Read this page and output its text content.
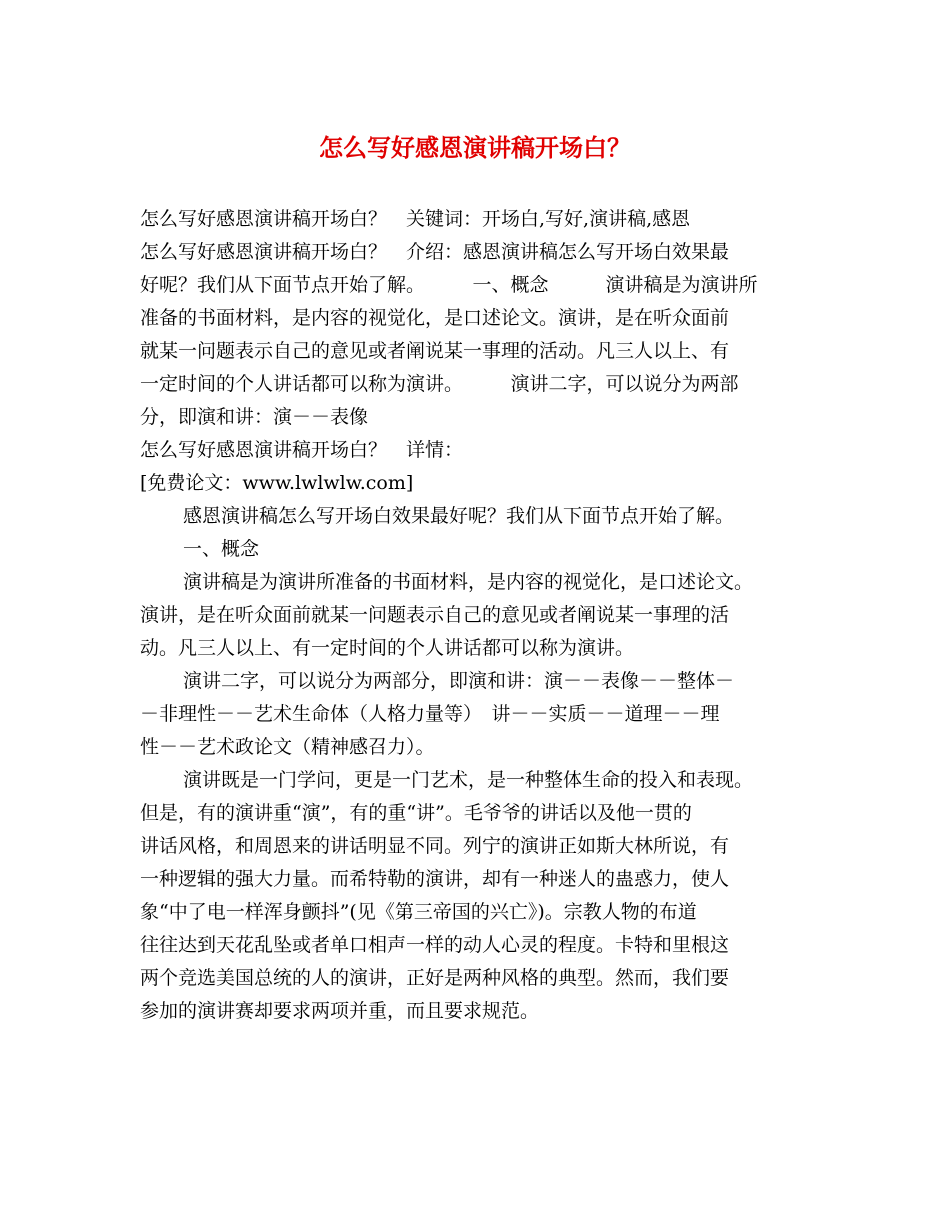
怎么写好感恩演讲稿开场白？

怎么写好感恩演讲稿开场白？　关键词：开场白,写好,演讲稿,感恩

怎么写好感恩演讲稿开场白？　介绍：感恩演讲稿怎么写开场白效果最

好呢？我们从下面节点开始了解。　　　一、概念　　　演讲稿是为演讲所

准备的书面材料，是内容的视觉化，是口述论文。演讲，是在听众面前

就某一问题表示自己的意见或者阐说某一事理的活动。凡三人以上、有

一定时间的个人讲话都可以称为演讲。　　　演讲二字，可以说分为两部

分，即演和讲：演－－表像

怎么写好感恩演讲稿开场白？　详情：

[免费论文：www.lwlwlw.com]

感恩演讲稿怎么写开场白效果最好呢？我们从下面节点开始了解。

一、概念

演讲稿是为演讲所准备的书面材料，是内容的视觉化，是口述论文。

演讲，是在听众面前就某一问题表示自己的意见或者阐说某一事理的活

动。凡三人以上、有一定时间的个人讲话都可以称为演讲。

演讲二字，可以说分为两部分，即演和讲：演－－表像－－整体－

－非理性－－艺术生命体（人格力量等）　讲－－实质－－道理－－理

性－－艺术政论文（精神感召力）。

演讲既是一门学问，更是一门艺术，是一种整体生命的投入和表现。

但是，有的演讲重“演”，有的重“讲”。毛爷爷的讲话以及他一贯的

讲话风格，和周恩来的讲话明显不同。列宁的演讲正如斯大林所说，有

一种逻辑的强大力量。而希特勒的演讲，却有一种迷人的蛊惑力，使人

象“中了电一样浑身颤抖”(见《第三帝国的兴亡》)。宗教人物的布道

往往达到天花乱坠或者单口相声一样的动人心灵的程度。卡特和里根这

两个竞选美国总统的人的演讲，正好是两种风格的典型。然而，我们要

参加的演讲赛却要求两项并重，而且要求规范。
